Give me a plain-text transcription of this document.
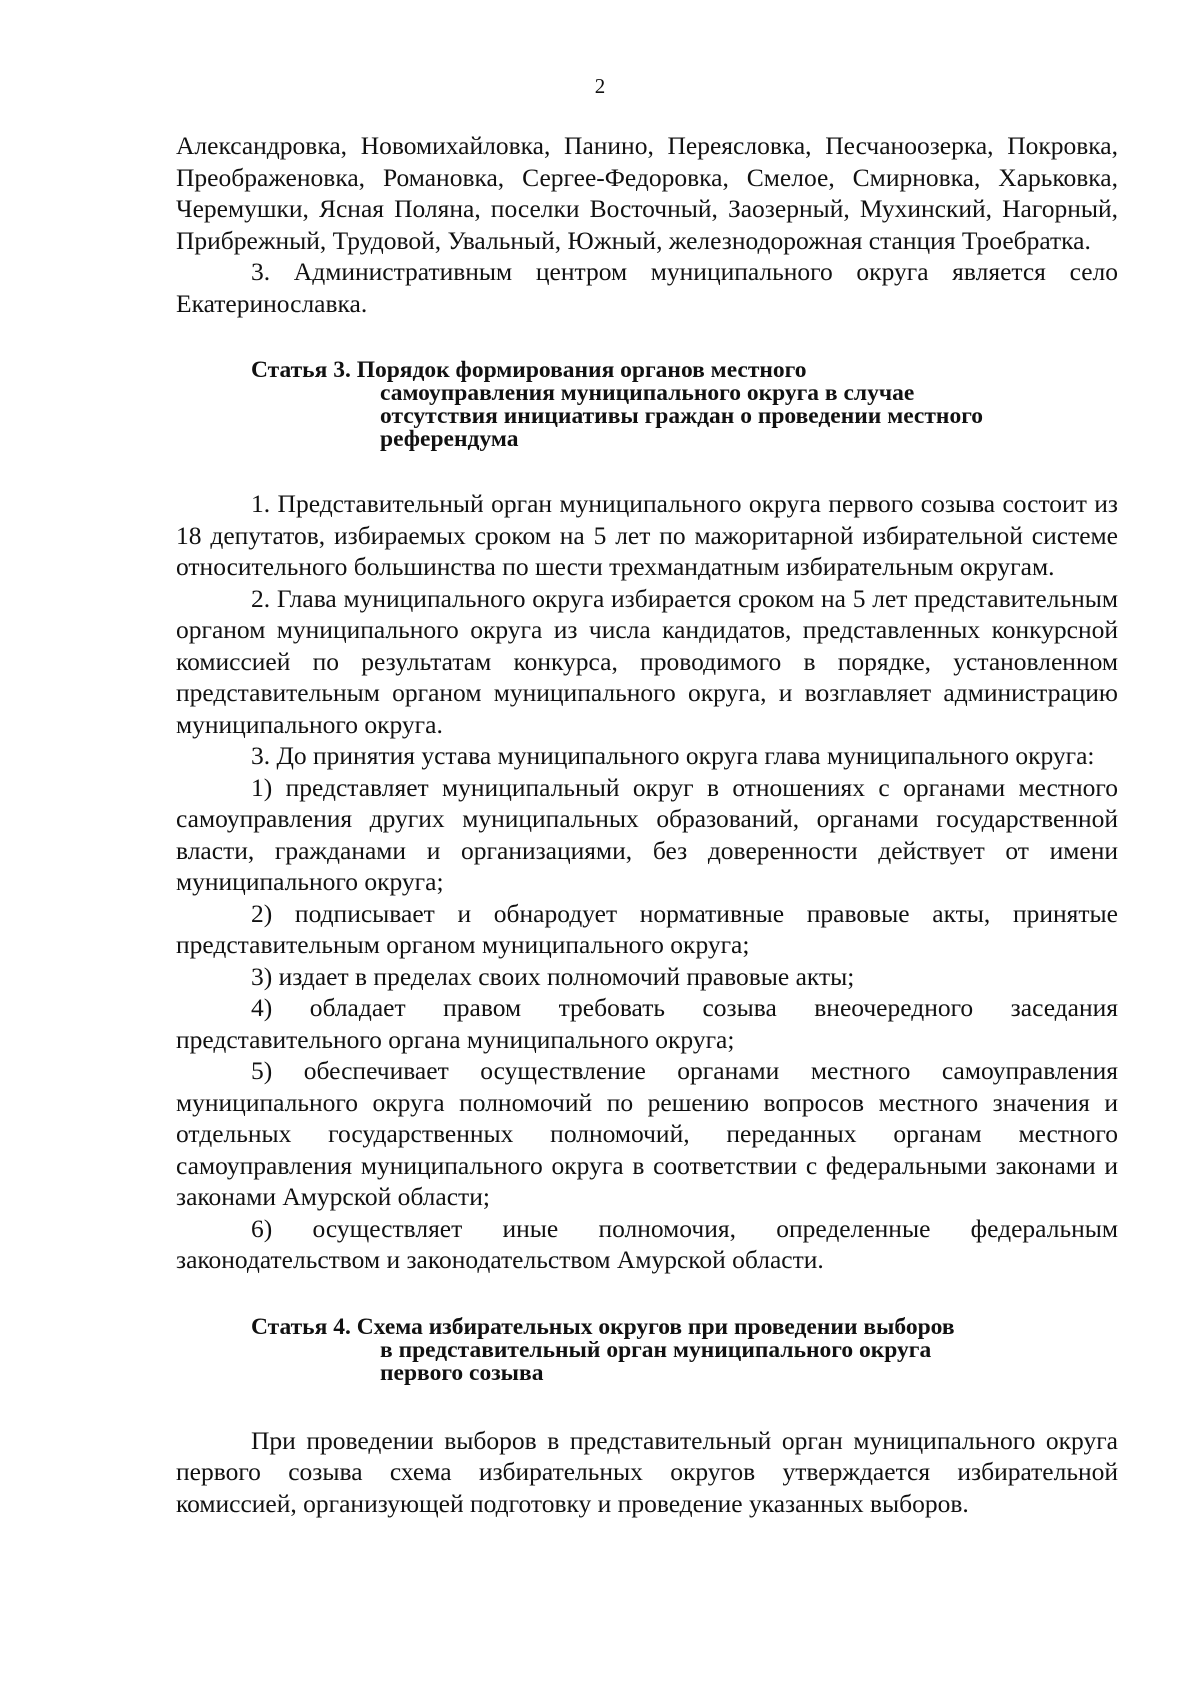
2

Александровка, Новомихайловка, Панино, Переясловка, Песчаноозерка, Покровка, Преображеновка, Романовка, Сергее-Федоровка, Смелое, Смирновка, Харьковка, Черемушки, Ясная Поляна, поселки Восточный, Заозерный, Мухинский, Нагорный, Прибрежный, Трудовой, Увальный, Южный, железнодорожная станция Троебратка.

3. Административным центром муниципального округа является село Екатеринославка.

Статья 3. Порядок формирования органов местного
самоуправления муниципального округа в случае
отсутствия инициативы граждан о проведении местного
референдума

1. Представительный орган муниципального округа первого созыва состоит из 18 депутатов, избираемых сроком на 5 лет по мажоритарной избирательной системе относительного большинства по шести трехмандатным избирательным округам.

2. Глава муниципального округа избирается сроком на 5 лет представительным органом муниципального округа из числа кандидатов, представленных конкурсной комиссией по результатам конкурса, проводимого в порядке, установленном представительным органом муниципального округа, и возглавляет администрацию муниципального округа.

3. До принятия устава муниципального округа глава муниципального округа:

1) представляет муниципальный округ в отношениях с органами местного самоуправления других муниципальных образований, органами государственной власти, гражданами и организациями, без доверенности действует от имени муниципального округа;

2) подписывает и обнародует нормативные правовые акты, принятые представительным органом муниципального округа;

3) издает в пределах своих полномочий правовые акты;

4) обладает правом требовать созыва внеочередного заседания представительного органа муниципального округа;

5) обеспечивает осуществление органами местного самоуправления муниципального округа полномочий по решению вопросов местного значения и отдельных государственных полномочий, переданных органам местного самоуправления муниципального округа в соответствии с федеральными законами и законами Амурской области;

6) осуществляет иные полномочия, определенные федеральным законодательством и законодательством Амурской области.

Статья 4. Схема избирательных округов при проведении выборов
в представительный орган муниципального округа
первого созыва

При проведении выборов в представительный орган муниципального округа первого созыва схема избирательных округов утверждается избирательной комиссией, организующей подготовку и проведение указанных выборов.
